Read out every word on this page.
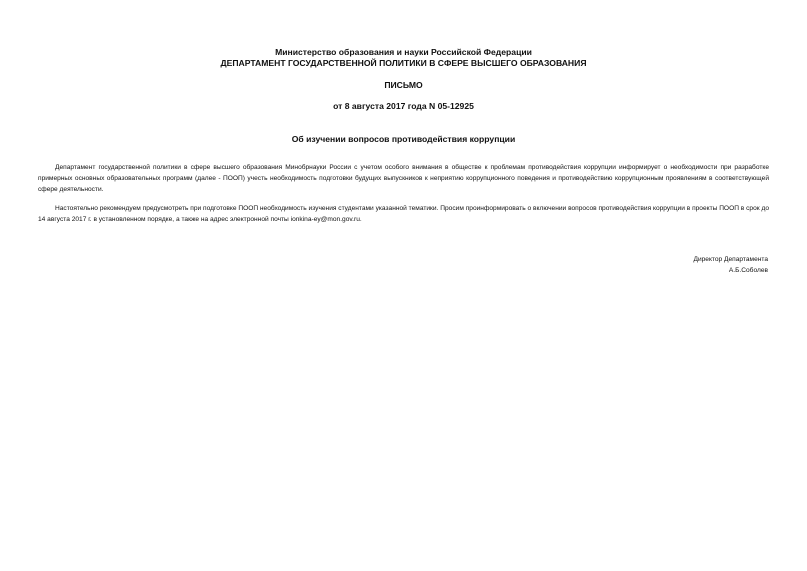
Министерство образования и науки Российской Федерации
ДЕПАРТАМЕНТ ГОСУДАРСТВЕННОЙ ПОЛИТИКИ В СФЕРЕ ВЫСШЕГО ОБРАЗОВАНИЯ
ПИСЬМО
от 8 августа 2017 года N 05-12925
Об изучении вопросов противодействия коррупции
Департамент государственной политики в сфере высшего образования Минобрнауки России с учетом особого внимания в обществе к проблемам противодействия коррупции информирует о необходимости при разработке примерных основных образовательных программ (далее - ПООП) учесть необходимость подготовки будущих выпускников к неприятию коррупционного поведения и противодействию коррупционным проявлениям в соответствующей сфере деятельности.
Настоятельно рекомендуем предусмотреть при подготовке ПООП необходимость изучения студентами указанной тематики. Просим проинформировать о включении вопросов противодействия коррупции в проекты ПООП в срок до 14 августа 2017 г. в установленном порядке, а также на адрес электронной почты ionkina-ey@mon.gov.ru.
Директор Департамента
А.Б.Соболев
